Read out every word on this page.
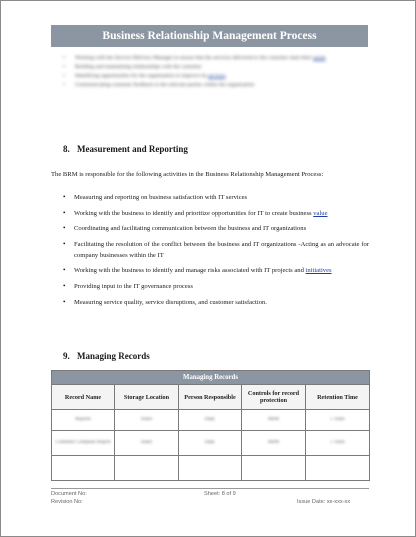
Business Relationship Management Process
• Working with the Service Delivery Manager to ensure that the services delivered to the customer meet their needs
• Building and maintaining relationships with the customer
• Identifying opportunities for the organization to improve its services
• Communicating customer feedback to the relevant parties within the organization
8. Measurement and Reporting
The BRM is responsible for the following activities in the Business Relationship Management Process:
• Measuring and reporting on business satisfaction with IT services
• Working with the business to identify and prioritize opportunities for IT to create business value
• Coordinating and facilitating communication between the business and IT organizations
• Facilitating the resolution of the conflict between the business and IT organizations -Acting as an advocate for company businesses within the IT
• Working with the business to identify and manage risks associated with IT projects and initiatives
• Providing input to the IT governance process
• Measuring service quality, service disruptions, and customer satisfaction.
9. Managing Records
Managing Records				
Record Name	Storage Location	Person Responsible	Controls for record protection	Retention Time
Reports	Share	Dept.	RBM	5 Years
Customer Complain Report	Share	Dept.	RBM	5 Years

Document No:
Revision No:
Sheet: 8 of 9
Issue Date: xx-xxx-xx
